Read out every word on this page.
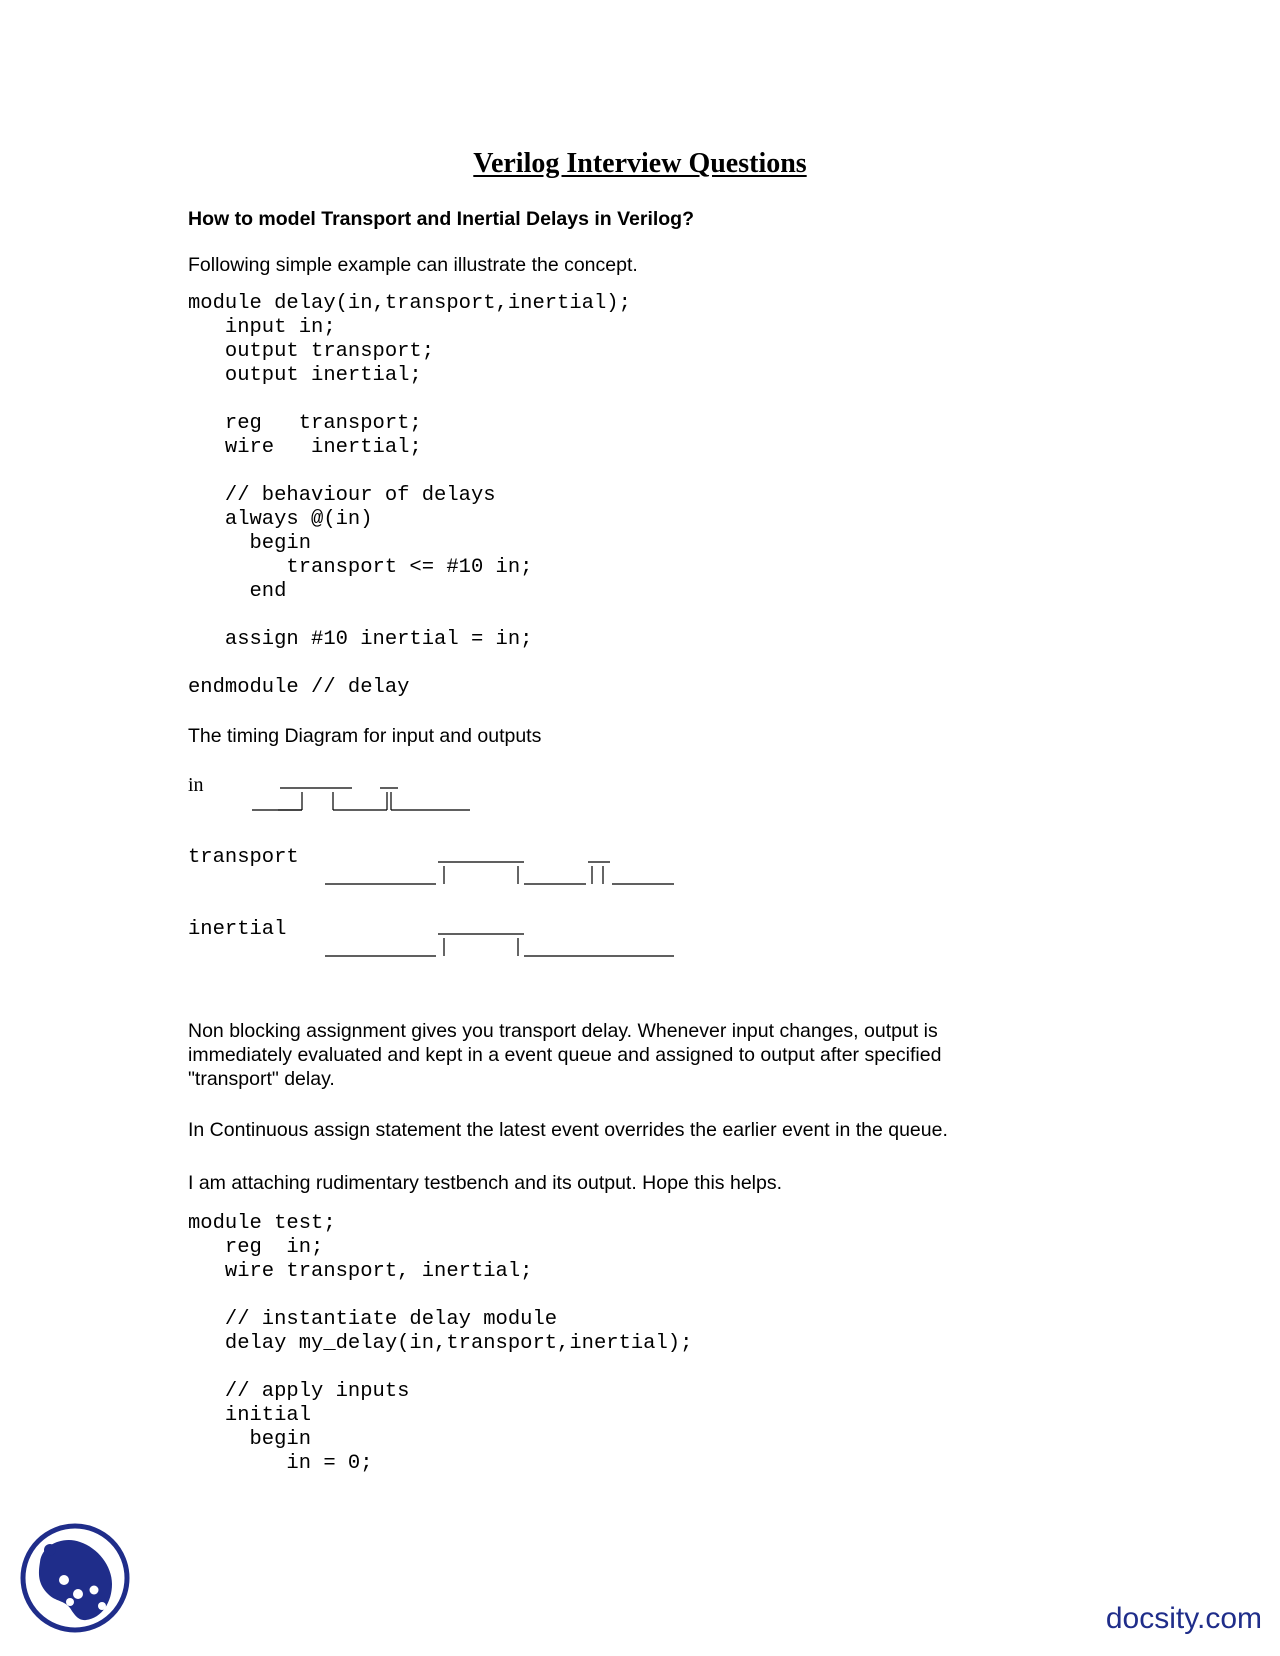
Verilog Interview Questions
How to model Transport and Inertial Delays in Verilog?

Following simple example can illustrate the concept.

module delay(in,transport,inertial);
input in;
output transport;
output inertial;
reg   transport;
wire   inertial;
// behaviour of delays
always @(in)
begin
transport <= #10 in;
end
assign #10 inertial = in;
endmodule // delay

The timing Diagram for input and outputs

in
transport
inertial

Non blocking assignment gives you transport delay. Whenever input changes, output is
immediately evaluated and kept in a event queue and assigned to output after specified
"transport" delay.

In Continuous assign statement the latest event overrides the earlier event in the queue.

I am attaching rudimentary testbench and its output. Hope this helps.

module test;
reg  in;
wire transport, inertial;
// instantiate delay module
delay my_delay(in,transport,inertial);
// apply inputs
initial
begin
in = 0;
docsity.com
